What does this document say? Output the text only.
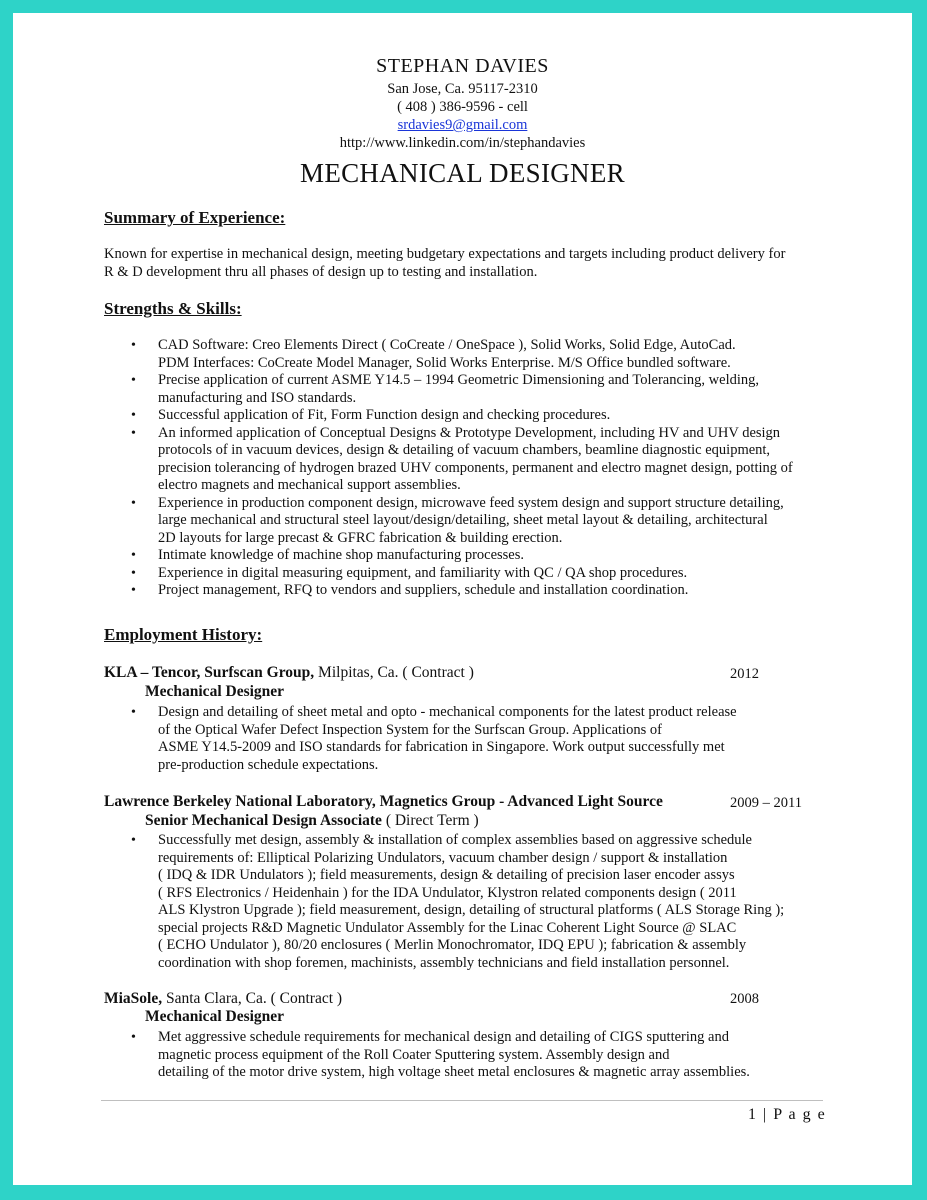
STEPHAN DAVIES
San Jose, Ca. 95117-2310
( 408 ) 386-9596 - cell
srdavies9@gmail.com
http://www.linkedin.com/in/stephandavies
MECHANICAL DESIGNER
Summary of Experience:
Known for expertise in mechanical design, meeting budgetary expectations and targets including product delivery for
R & D development thru all phases of design up to testing and installation.
Strengths & Skills:
• CAD Software: Creo Elements Direct ( CoCreate / OneSpace ), Solid Works, Solid Edge, AutoCad.
PDM Interfaces: CoCreate Model Manager, Solid Works Enterprise. M/S Office bundled software.
• Precise application of current ASME Y14.5 – 1994 Geometric Dimensioning and Tolerancing, welding,
manufacturing and ISO standards.
• Successful application of Fit, Form Function design and checking procedures.
• An informed application of Conceptual Designs & Prototype Development, including HV and UHV design
protocols of in vacuum devices, design & detailing of vacuum chambers, beamline diagnostic equipment,
precision tolerancing of hydrogen brazed UHV components, permanent and electro magnet design, potting of
electro magnets and mechanical support assemblies.
• Experience in production component design, microwave feed system design and support structure detailing,
large mechanical and structural steel layout/design/detailing, sheet metal layout & detailing, architectural
2D layouts for large precast & GFRC fabrication & building erection.
• Intimate knowledge of machine shop manufacturing processes.
• Experience in digital measuring equipment, and familiarity with QC / QA shop procedures.
• Project management, RFQ to vendors and suppliers, schedule and installation coordination.
Employment History:
KLA – Tencor, Surfscan Group, Milpitas, Ca. ( Contract )	2012
Mechanical Designer
• Design and detailing of sheet metal and opto - mechanical components for the latest product release
of the Optical Wafer Defect Inspection System for the Surfscan Group. Applications of
ASME Y14.5-2009 and ISO standards for fabrication in Singapore. Work output successfully met
pre-production schedule expectations.
Lawrence Berkeley National Laboratory, Magnetics Group - Advanced Light Source	2009 – 2011
Senior Mechanical Design Associate ( Direct Term )
• Successfully met design, assembly & installation of complex assemblies based on aggressive schedule
requirements of: Elliptical Polarizing Undulators, vacuum chamber design / support & installation
( IDQ & IDR Undulators ); field measurements, design & detailing of precision laser encoder assys
( RFS Electronics / Heidenhain ) for the IDA Undulator, Klystron related components design ( 2011
ALS Klystron Upgrade ); field measurement, design, detailing of structural platforms ( ALS Storage Ring );
special projects R&D Magnetic Undulator Assembly for the Linac Coherent Light Source @ SLAC
( ECHO Undulator ), 80/20 enclosures ( Merlin Monochromator, IDQ EPU ); fabrication & assembly
coordination with shop foremen, machinists, assembly technicians and field installation personnel.
MiaSole, Santa Clara, Ca. ( Contract )	2008
Mechanical Designer
• Met aggressive schedule requirements for mechanical design and detailing of CIGS sputtering and
magnetic process equipment of the Roll Coater Sputtering system. Assembly design and
detailing of the motor drive system, high voltage sheet metal enclosures & magnetic array assemblies.
1 | P a g e
